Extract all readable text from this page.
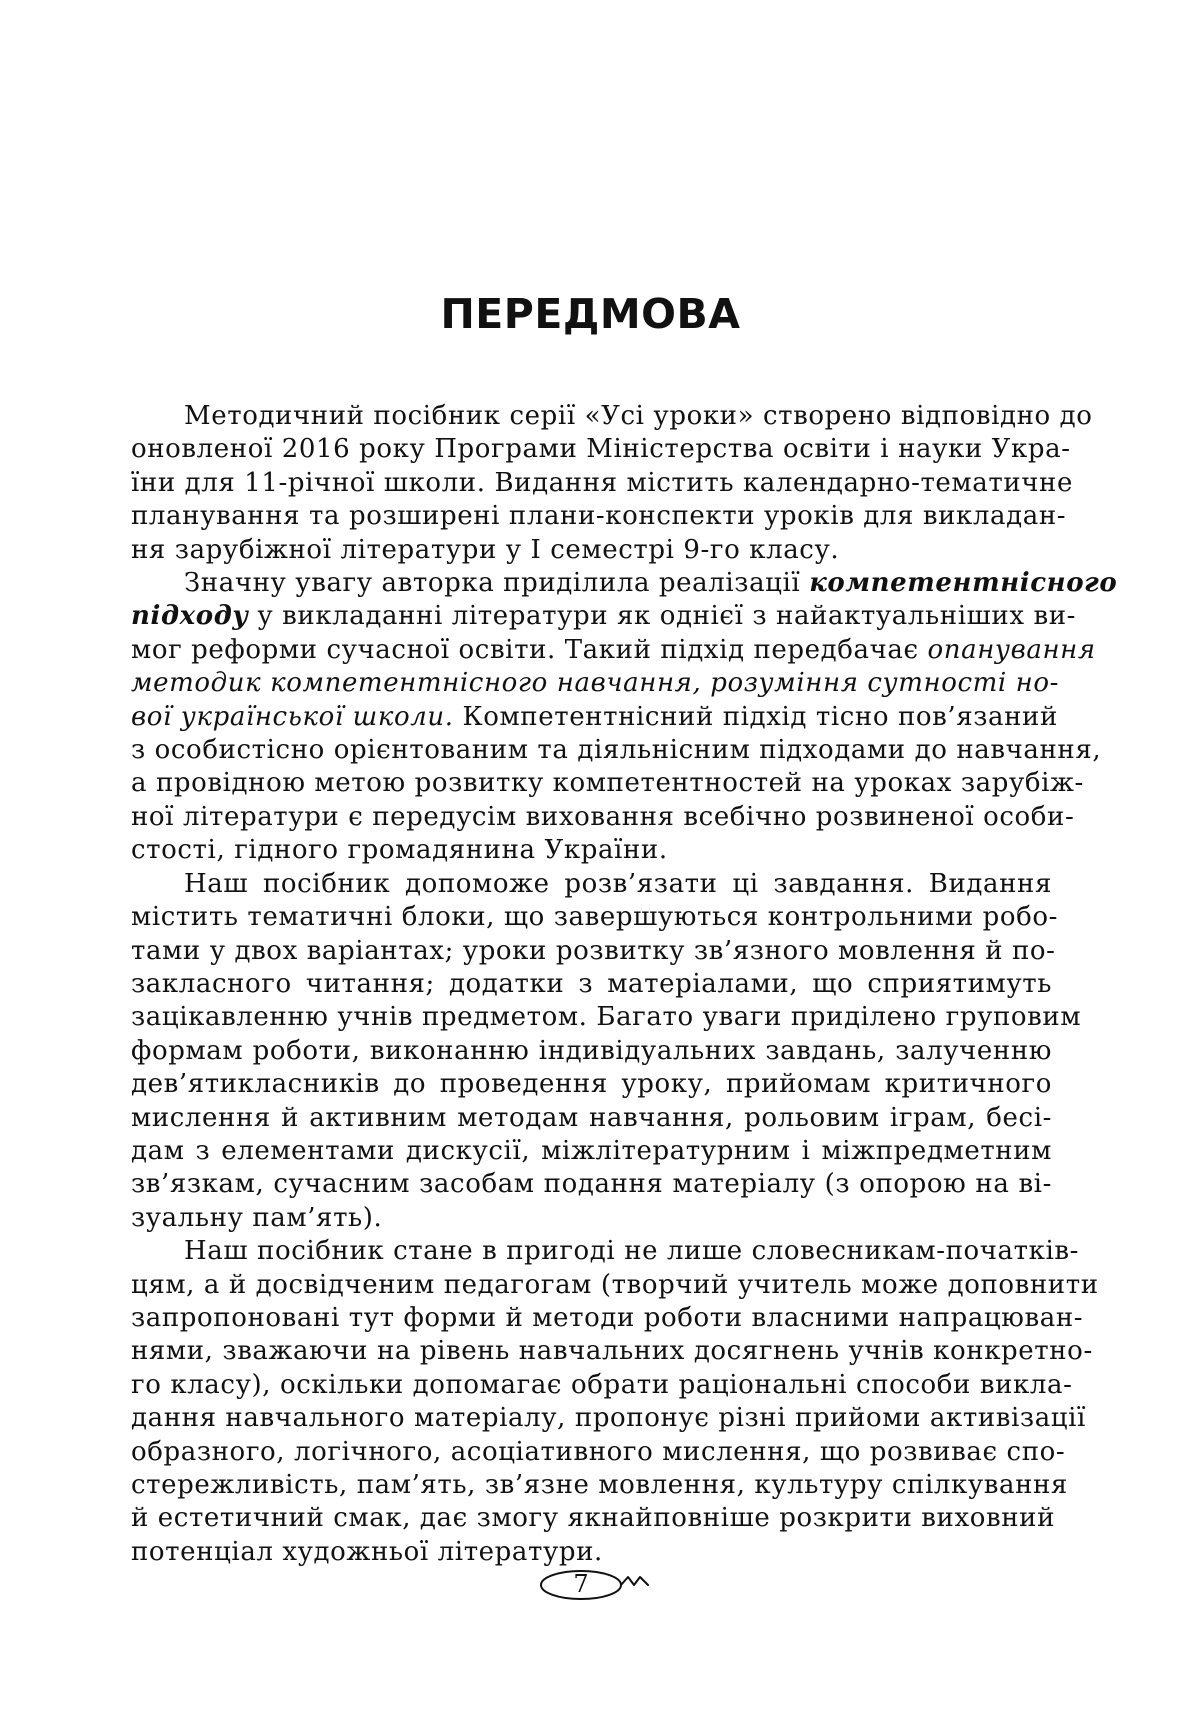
ПЕРЕДМОВА
Методичний посібник серії «Усі уроки» створено відповідно до
оновленої 2016 року Програми Міністерства освіти і науки Укра-
їни для 11-річної школи. Видання містить календарно-тематичне
планування та розширені плани-конспекти уроків для викладан-
ня зарубіжної літератури у І семестрі 9-го класу.
Значну увагу авторка приділила реалізації компетентнісного
підходу у викладанні літератури як однієї з найактуальніших ви-
мог реформи сучасної освіти. Такий підхід передбачає опанування
методик компетентнісного навчання, розуміння сутності но-
вої української школи. Компетентнісний підхід тісно пов’язаний
з особистісно орієнтованим та діяльнісним підходами до навчання,
а провідною метою розвитку компетентностей на уроках зарубіж-
ної літератури є передусім виховання всебічно розвиненої особи-
стості, гідного громадянина України.
Наш посібник допоможе розв’язати ці завдання. Видання
містить тематичні блоки, що завершуються контрольними робо-
тами у двох варіантах; уроки розвитку зв’язного мовлення й по-
закласного читання; додатки з матеріалами, що сприятимуть
зацікавленню учнів предметом. Багато уваги приділено груповим
формам роботи, виконанню індивідуальних завдань, залученню
дев’ятикласників до проведення уроку, прийомам критичного
мислення й активним методам навчання, рольовим іграм, бесі-
дам з елементами дискусії, міжлітературним і міжпредметним
зв’язкам, сучасним засобам подання матеріалу (з опорою на ві-
зуальну пам’ять).
Наш посібник стане в пригоді не лише словесникам-початків-
цям, а й досвідченим педагогам (творчий учитель може доповнити
запропоновані тут форми й методи роботи власними напрацюван-
нями, зважаючи на рівень навчальних досягнень учнів конкретно-
го класу), оскільки допомагає обрати раціональні способи викла-
дання навчального матеріалу, пропонує різні прийоми активізації
образного, логічного, асоціативного мислення, що розвиває спо-
стережливість, пам’ять, зв’язне мовлення, культуру спілкування
й естетичний смак, дає змогу якнайповніше розкрити виховний
потенціал художньої літератури.
7
